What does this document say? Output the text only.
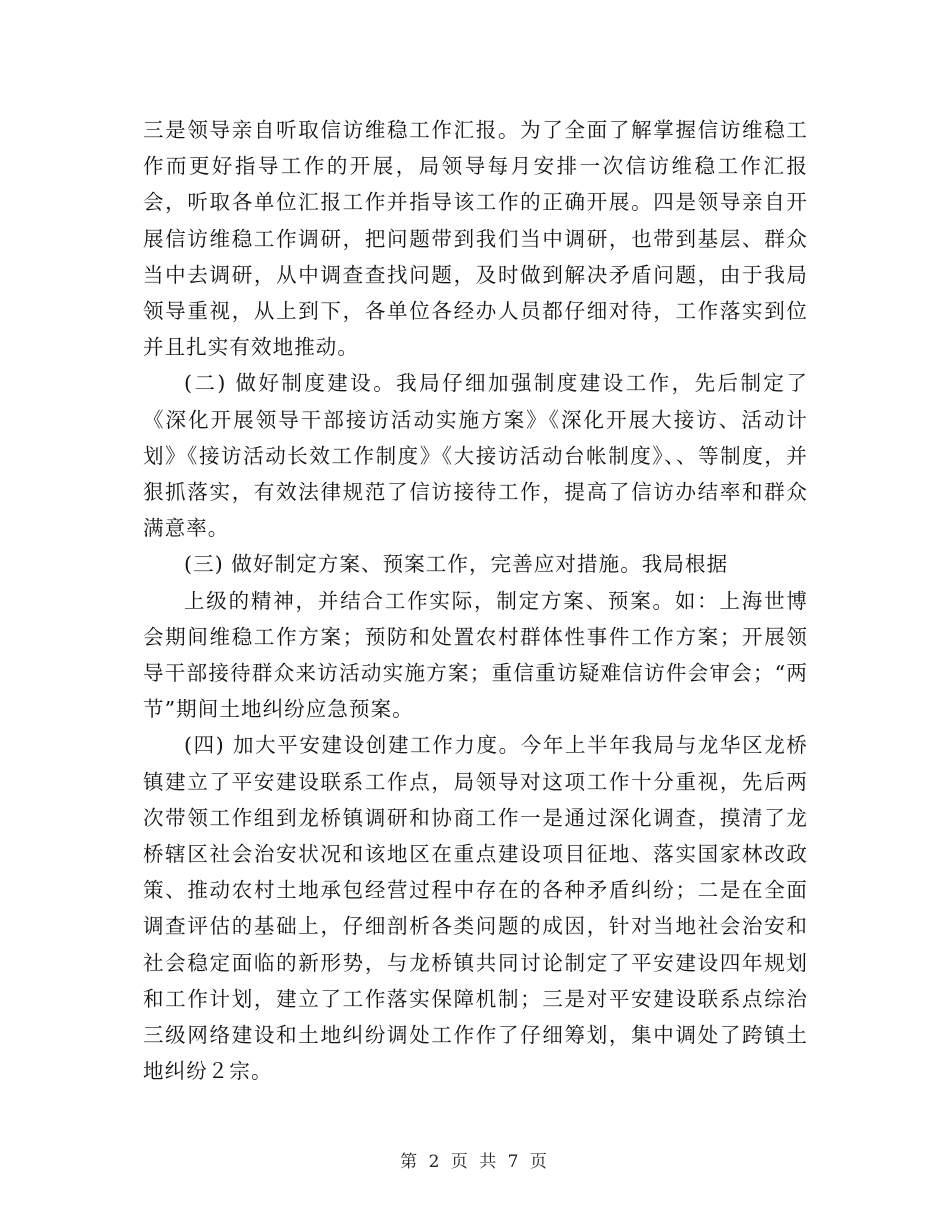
三是领导亲自听取信访维稳工作汇报。为了全面了解掌握信访维稳工作而更好指导工作的开展，局领导每月安排一次信访维稳工作汇报会，听取各单位汇报工作并指导该工作的正确开展。四是领导亲自开展信访维稳工作调研，把问题带到我们当中调研，也带到基层、群众当中去调研，从中调查查找问题，及时做到解决矛盾问题，由于我局领导重视，从上到下，各单位各经办人员都仔细对待，工作落实到位并且扎实有效地推动。

(二) 做好制度建设。我局仔细加强制度建设工作，先后制定了《深化开展领导干部接访活动实施方案》《深化开展大接访、活动计划》《接访活动长效工作制度》《大接访活动台帐制度》、、等制度，并狠抓落实，有效法律规范了信访接待工作，提高了信访办结率和群众满意率。

(三) 做好制定方案、预案工作，完善应对措施。我局根据

上级的精神，并结合工作实际，制定方案、预案。如：上海世博会期间维稳工作方案；预防和处置农村群体性事件工作方案；开展领导干部接待群众来访活动实施方案；重信重访疑难信访件会审会；“两节”期间土地纠纷应急预案。

(四) 加大平安建设创建工作力度。今年上半年我局与龙华区龙桥镇建立了平安建设联系工作点，局领导对这项工作十分重视，先后两次带领工作组到龙桥镇调研和协商工作一是通过深化调查，摸清了龙桥辖区社会治安状况和该地区在重点建设项目征地、落实国家林改政策、推动农村土地承包经营过程中存在的各种矛盾纠纷；二是在全面调查评估的基础上，仔细剖析各类问题的成因，针对当地社会治安和社会稳定面临的新形势，与龙桥镇共同讨论制定了平安建设四年规划和工作计划，建立了工作落实保障机制；三是对平安建设联系点综治三级网络建设和土地纠纷调处工作作了仔细筹划，集中调处了跨镇土地纠纷２宗。

第 2 页 共 7 页
